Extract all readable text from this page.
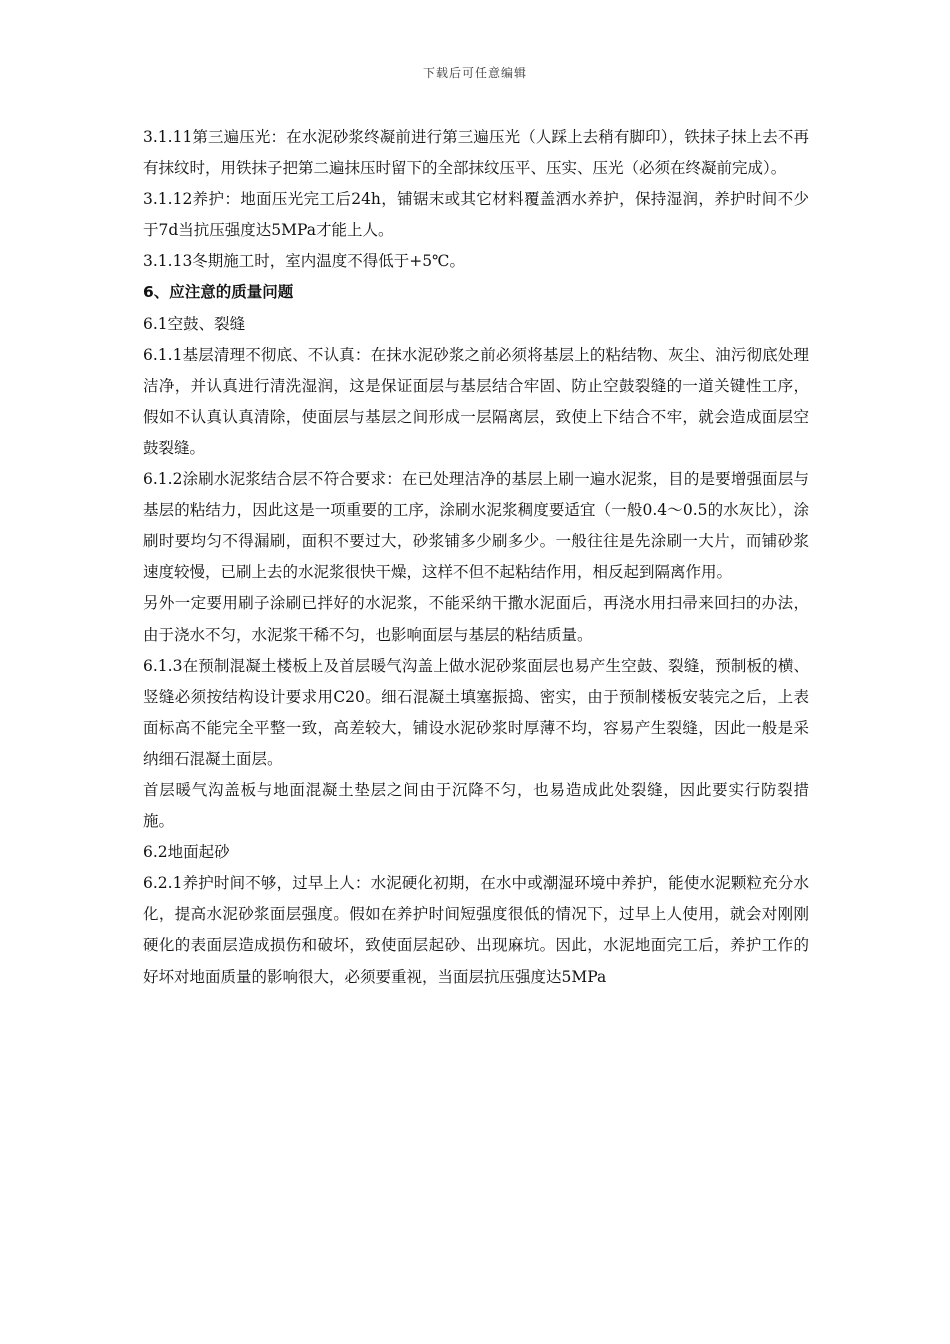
下载后可任意编辑

3.1.11第三遍压光：在水泥砂浆终凝前进行第三遍压光（人踩上去稍有脚印），铁抹子抹上去不再有抹纹时，用铁抹子把第二遍抹压时留下的全部抹纹压平、压实、压光（必须在终凝前完成）。

3.1.12养护：地面压光完工后24h，铺锯末或其它材料覆盖洒水养护，保持湿润，养护时间不少于7d当抗压强度达5MPa才能上人。

3.1.13冬期施工时，室内温度不得低于+5℃。

6、应注意的质量问题

6.1空鼓、裂缝

6.1.1基层清理不彻底、不认真：在抹水泥砂浆之前必须将基层上的粘结物、灰尘、油污彻底处理洁净，并认真进行清洗湿润，这是保证面层与基层结合牢固、防止空鼓裂缝的一道关键性工序，假如不认真认真清除，使面层与基层之间形成一层隔离层，致使上下结合不牢，就会造成面层空鼓裂缝。

6.1.2涂刷水泥浆结合层不符合要求：在已处理洁净的基层上刷一遍水泥浆，目的是要增强面层与基层的粘结力，因此这是一项重要的工序，涂刷水泥浆稠度要适宜（一般0.4～0.5的水灰比），涂刷时要均匀不得漏刷，面积不要过大，砂浆铺多少刷多少。一般往往是先涂刷一大片，而铺砂浆速度较慢，已刷上去的水泥浆很快干燥，这样不但不起粘结作用，相反起到隔离作用。

另外一定要用刷子涂刷已拌好的水泥浆，不能采纳干撒水泥面后，再浇水用扫帚来回扫的办法，由于浇水不匀，水泥浆干稀不匀，也影响面层与基层的粘结质量。

6.1.3在预制混凝土楼板上及首层暖气沟盖上做水泥砂浆面层也易产生空鼓、裂缝，预制板的横、竖缝必须按结构设计要求用C20。细石混凝土填塞振捣、密实，由于预制楼板安装完之后，上表面标高不能完全平整一致，高差较大，铺设水泥砂浆时厚薄不均，容易产生裂缝，因此一般是采纳细石混凝土面层。

首层暖气沟盖板与地面混凝土垫层之间由于沉降不匀，也易造成此处裂缝，因此要实行防裂措施。

6.2地面起砂

6.2.1养护时间不够，过早上人：水泥硬化初期，在水中或潮湿环境中养护，能使水泥颗粒充分水化，提高水泥砂浆面层强度。假如在养护时间短强度很低的情况下，过早上人使用，就会对刚刚硬化的表面层造成损伤和破坏，致使面层起砂、出现麻坑。因此，水泥地面完工后，养护工作的好坏对地面质量的影响很大，必须要重视，当面层抗压强度达5MPa
